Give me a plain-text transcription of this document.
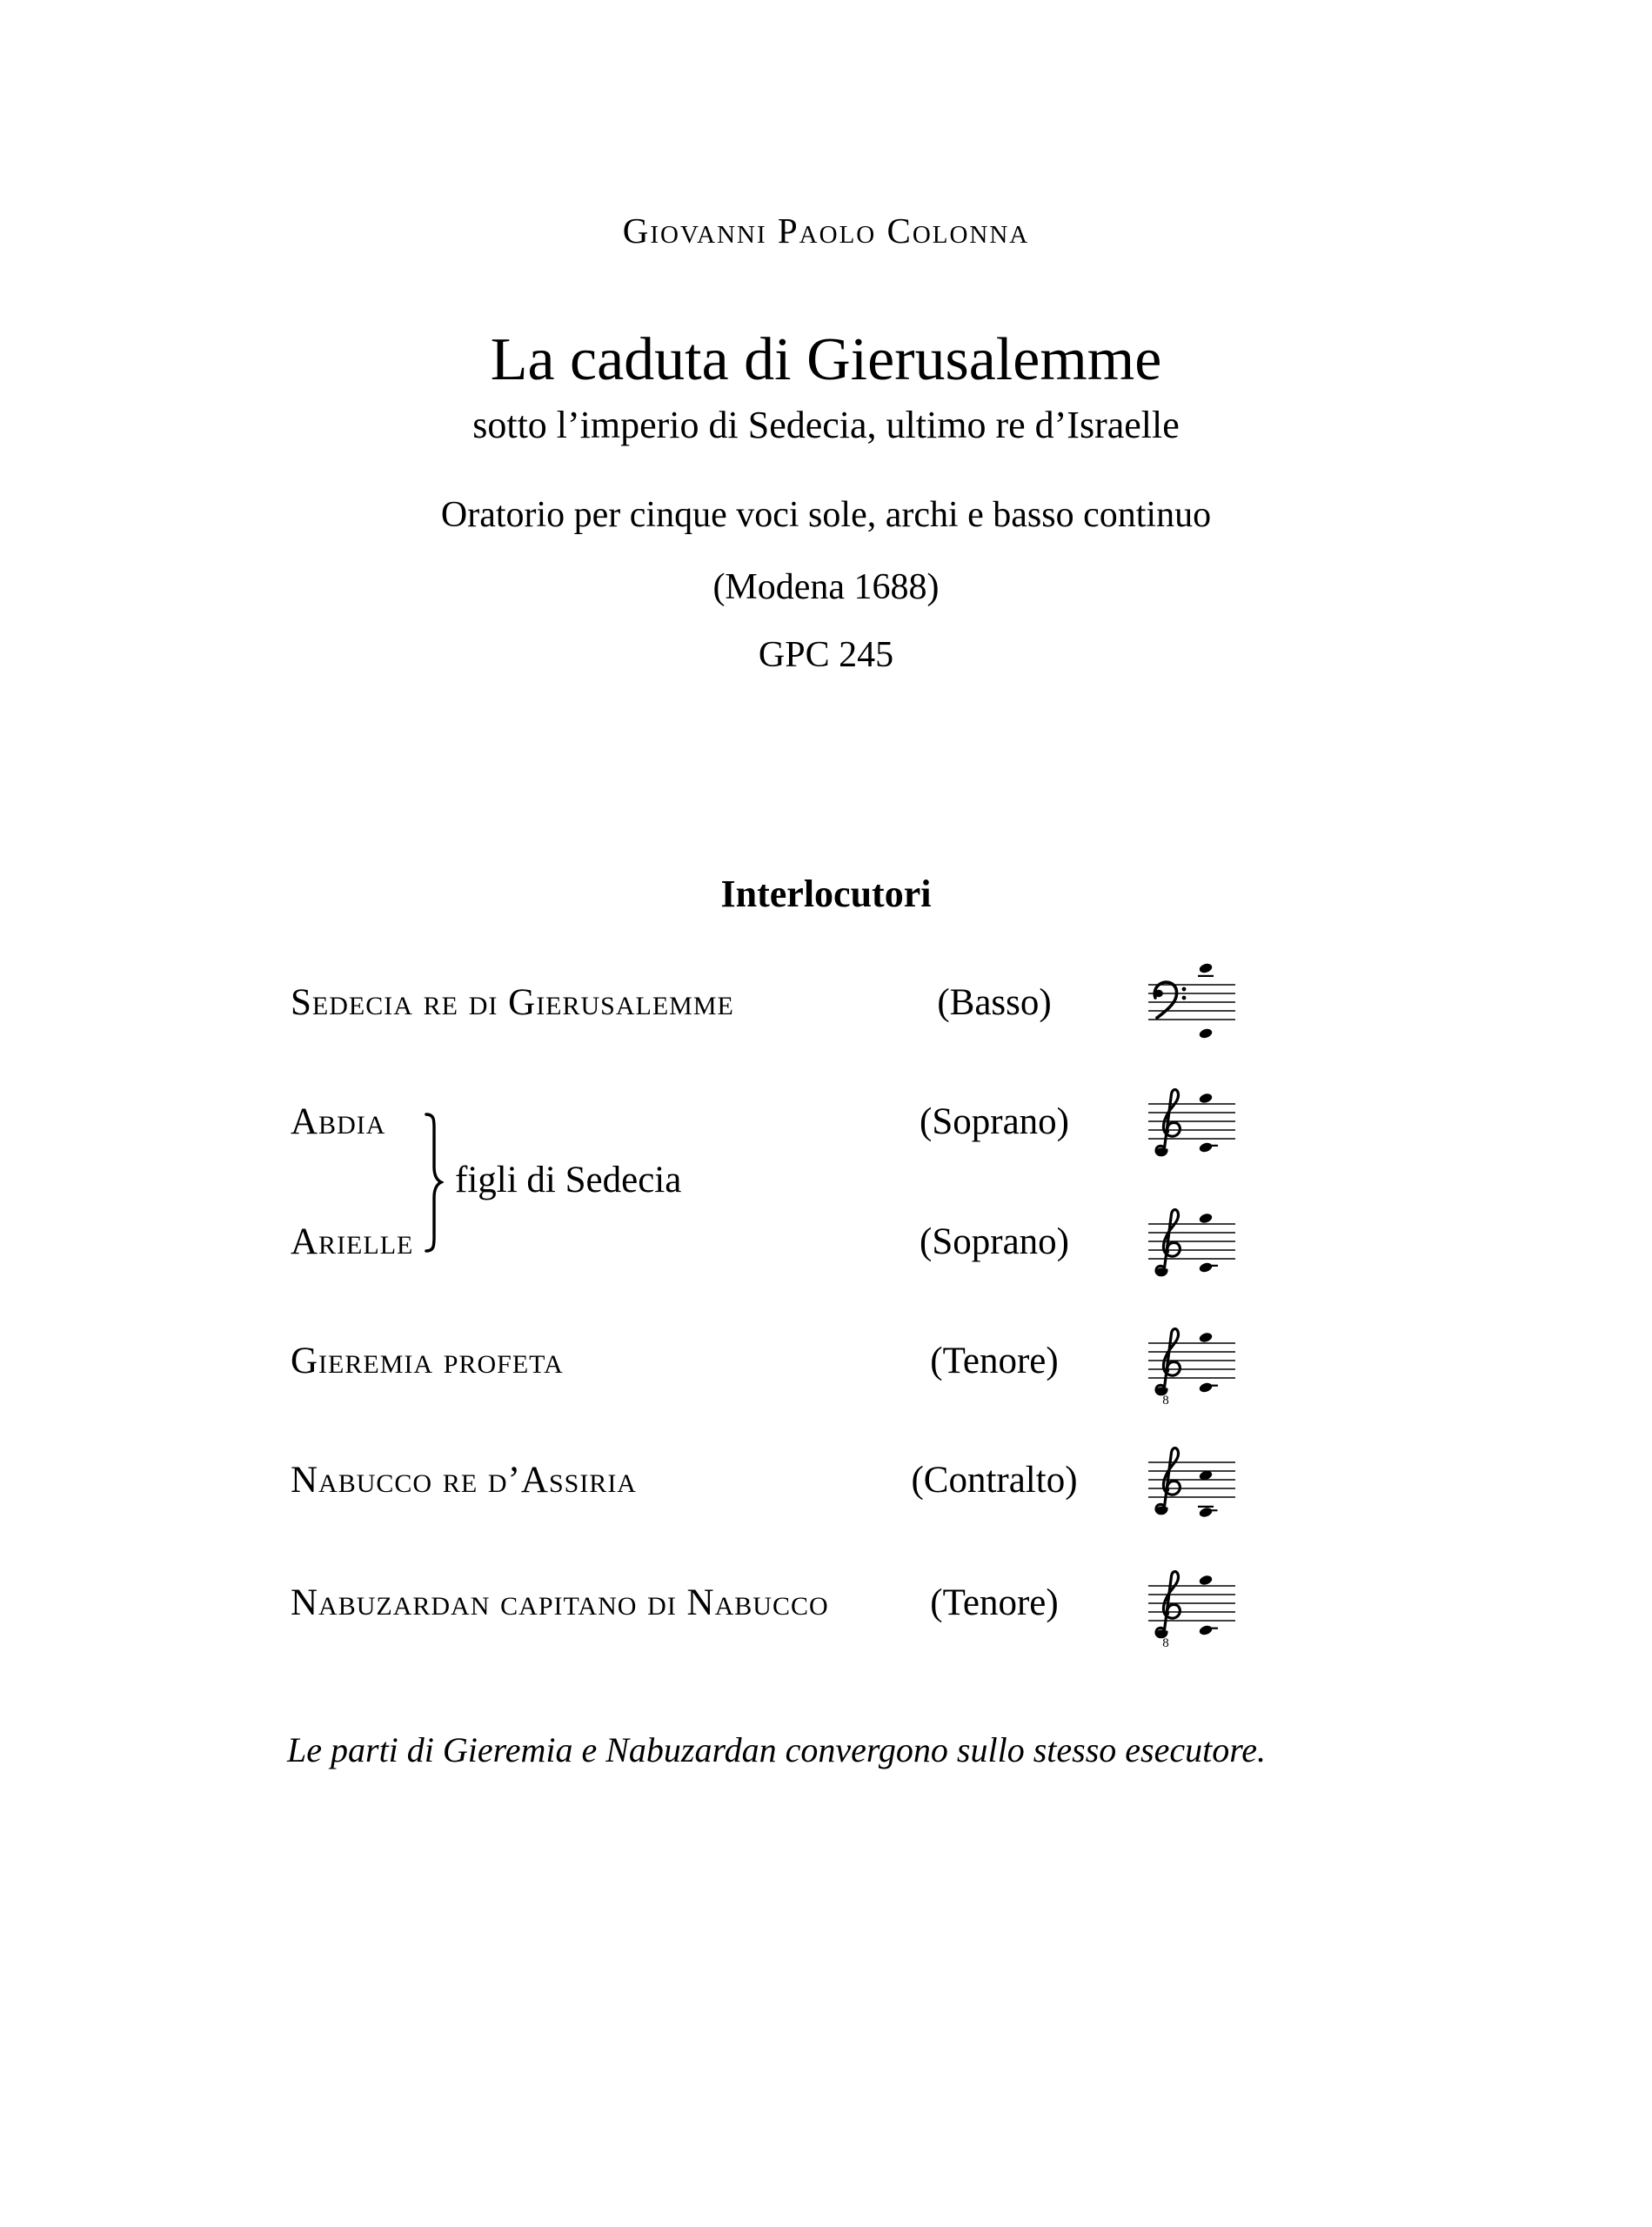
Giovanni Paolo Colonna
La caduta di Gierusalemme
sotto l’imperio di Sedecia, ultimo re d’Israelle
Oratorio per cinque voci sole, archi e basso continuo
(Modena 1688)
GPC 245
Interlocutori
Sedecia re di Gierusalemme	(Basso)
Abdia	(Soprano)
figli di Sedecia
Arielle	(Soprano)
Gieremia profeta	(Tenore)
8
Nabucco re d’Assiria	(Contralto)
Nabuzardan capitano di Nabucco	(Tenore)
8
Le parti di Gieremia e Nabuzardan convergono sullo stesso esecutore.
